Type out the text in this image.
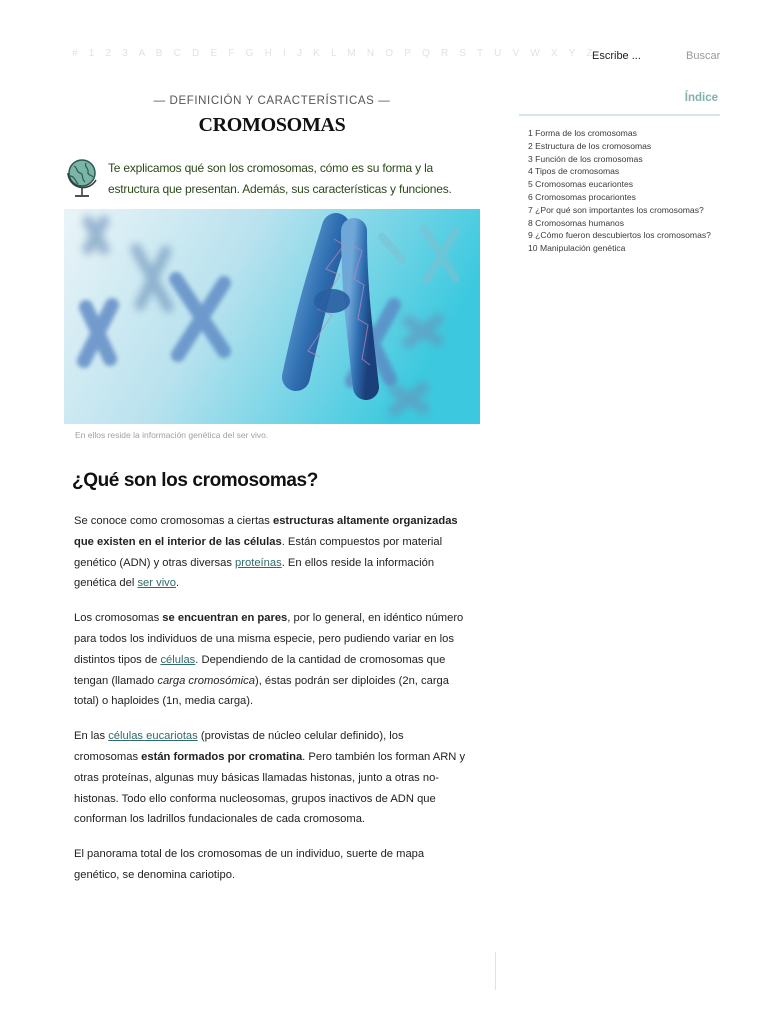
# 1 2 3 A B C D E F G H I J K L M N O P Q R S T U V W X Y Z
Escribe ...	Buscar
— DEFINICIÓN Y CARACTERÍSTICAS —
CROMOSOMAS

Te explicamos qué son los cromosomas, cómo es su forma y la estructura que presentan. Además, sus características y funciones.

En ellos reside la información genética del ser vivo.
¿Qué son los cromosomas?

Se conoce como cromosomas a ciertas estructuras altamente organizadas que existen en el interior de las células. Están compuestos por material genético (ADN) y otras diversas proteínas. En ellos reside la información genética del ser vivo.

Los cromosomas se encuentran en pares, por lo general, en idéntico número para todos los individuos de una misma especie, pero pudiendo variar en los distintos tipos de células. Dependiendo de la cantidad de cromosomas que tengan (llamado carga cromosómica), éstas podrán ser diploides (2n, carga total) o haploides (1n, media carga).

En las células eucariotas (provistas de núcleo celular definido), los cromosomas están formados por cromatina. Pero también los forman ARN y otras proteínas, algunas muy básicas llamadas histonas, junto a otras no-histonas. Todo ello conforma nucleosomas, grupos inactivos de ADN que conforman los ladrillos fundacionales de cada cromosoma.

El panorama total de los cromosomas de un individuo, suerte de mapa genético, se denomina cariotipo.

Índice
1 Forma de los cromosomas
2 Estructura de los cromosomas
3 Función de los cromosomas
4 Tipos de cromosomas
5 Cromosomas eucariontes
6 Cromosomas procariontes
7 ¿Por qué son importantes los cromosomas?
8 Cromosomas humanos
9 ¿Cómo fueron descubiertos los cromosomas?
10 Manipulación genética
